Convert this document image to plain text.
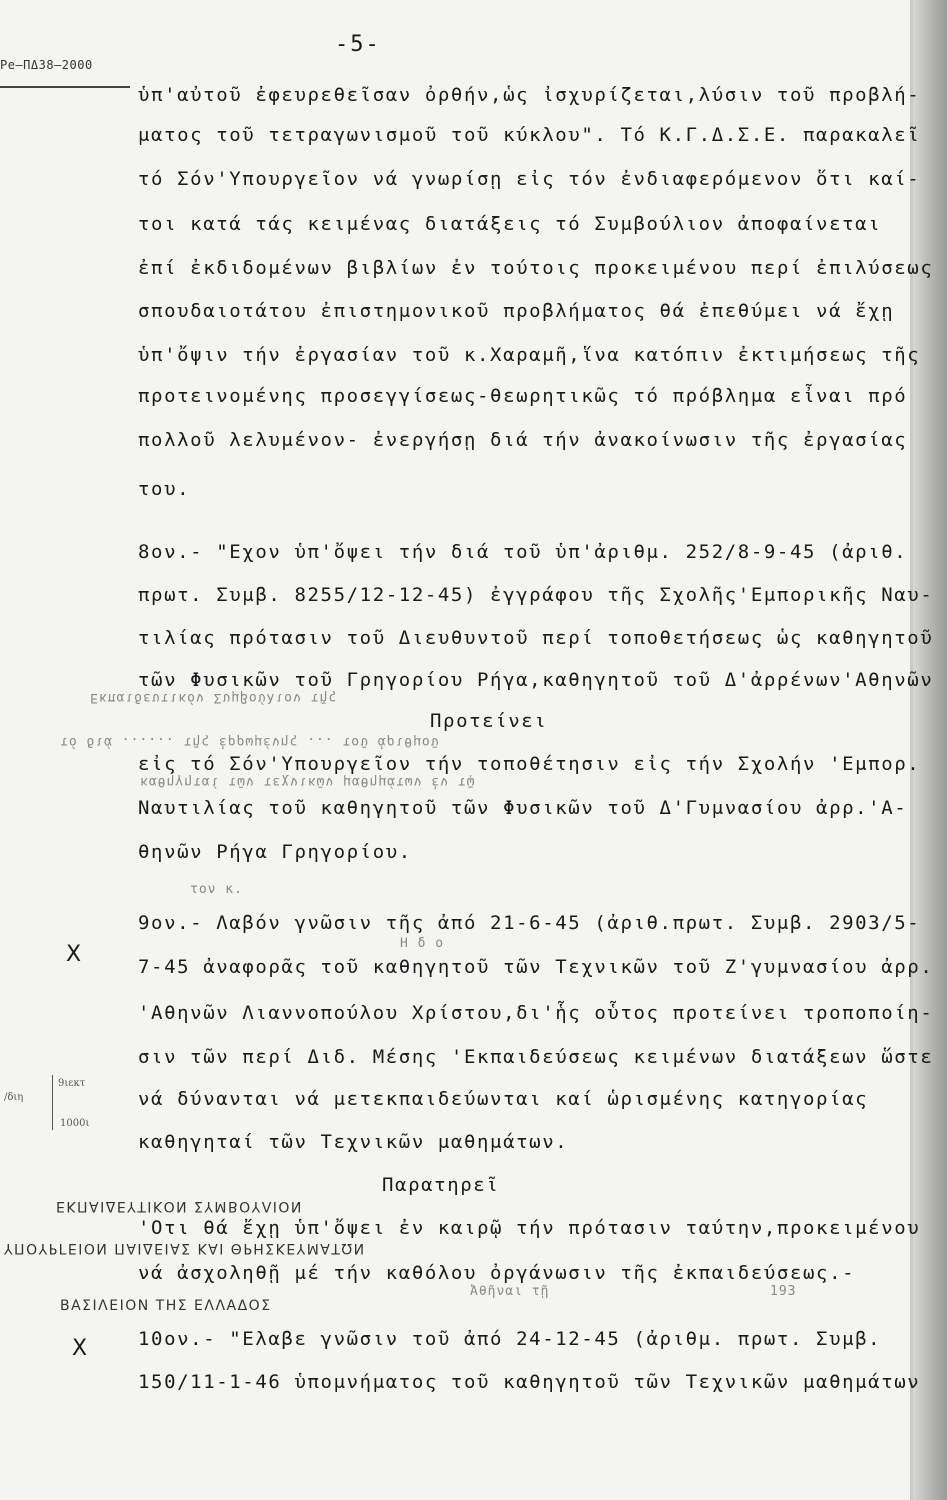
Ρe—ΠΔ38—2000
-5-

ὑπ'αὐτοῦ ἐφευρεθεῖσαν ὀρθήν,ὡς ἰσχυρίζεται,λύσιν τοῦ προβλή-

ματος τοῦ τετραγωνισμοῦ τοῦ κύκλου". Τό Κ.Γ.Δ.Σ.Ε. παρακαλεῖ

τό Σόν'Υπουργεῖον νά γνωρίσῃ εἰς τόν ἐνδιαφερόμενον ὅτι καί-

τοι κατά τάς κειμένας διατάξεις τό Συμβούλιον ἀποφαίνεται

ἐπί ἐκδιδομένων βιβλίων ἐν τούτοις προκειμένου περί ἐπιλύσεως

σπουδαιοτάτου ἐπιστημονικοῦ προβλήματος θά ἐπεθύμει νά ἔχῃ

ὑπ'ὄψιν τήν ἐργασίαν τοῦ κ.Χαραμῆ,ἵνα κατόπιν ἐκτιμήσεως τῆς

προτεινομένης προσεγγίσεως-θεωρητικῶς τό πρόβλημα εἶναι πρό

πολλοῦ λελυμένον- ἐνεργήσῃ διά τήν ἀνακοίνωσιν τῆς ἐργασίας

του.

8ον.- "Εχον ὑπ'ὄψει τήν διά τοῦ ὑπ'ἀριθμ. 252/8-9-45 (ἀριθ.

πρωτ. Συμβ. 8255/12-12-45) ἐγγράφου τῆς Σχολῆς'Εμπορικῆς Ναυ-

τιλίας πρότασιν τοῦ Διευθυντοῦ περί τοποθετήσεως ὡς καθηγητοῦ

τῶν Φυσικῶν τοῦ Γρηγορίου Ρήγα,καθηγητοῦ τοῦ Δ'ἀρρένων'Αθηνῶν

Εκπαιδευτικόν Συμβούλιον τῆς
Προτείνει
τό διά ...... τῆς ἐρρωμένης ... τοῦ ἀριθμοῦ

εἰς τό Σόν'Υπουργεῖον τήν τοποθέτησιν εἰς τήν Σχολήν 'Εμπορ.

καθηγηταί τῶν τεχνικῶν μαθημάτων ἐν τῷ

Ναυτιλίας τοῦ καθηγητοῦ τῶν Φυσικῶν τοῦ Δ'Γυμνασίου ἀρρ.'Α-

θηνῶν Ρήγα Γρηγορίου.

τον κ.

9ον.- Λαβόν γνῶσιν τῆς ἀπό 21-6-45 (ἀριθ.πρωτ. Συμβ. 2903/5-

Η δ ο

7-45 ἀναφορᾶς τοῦ καθηγητοῦ τῶν Τεχνικῶν τοῦ Ζ'γυμνασίου ἀρρ.

'Αθηνῶν Λιαννοπούλου Χρίστου,δι'ἧς οὗτος προτείνει τροποποίη-

σιν τῶν περί Διδ. Μέσης 'Εκπαιδεύσεως κειμένων διατάξεων ὥστε

νά δύνανται νά μετεκπαιδεύωνται καί ὡρισμένης κατηγορίας

καθηγηταί τῶν Τεχνικῶν μαθημάτων.

X
/διη
9ιεκτ
1000ι
Παρατηρεῖ
ΕΚΠΑΙΔΕΥΤΙΚΟΝ ΣΥΜΒΟΥΛΙΟΝ

'Οτι θά ἔχῃ ὑπ'ὄψει ἐν καιρῷ τήν πρότασιν ταύτην,προκειμένου

ΥΠΟΥΡΓΕΙΟΝ ΠΑΙΔΕΙΑΣ ΚΑΙ ΘΡΗΣΚΕΥΜΑΤΩΝ

νά ἀσχοληθῇ μέ τήν καθόλου ὀργάνωσιν τῆς ἐκπαιδεύσεως.-

Ἀθῆναι τῇ	193
ΒΑΣΙΛΕΙΟΝ ΤΗΣ ΕΛΛΑΔΟΣ

10ον.- "Ελαβε γνῶσιν τοῦ ἀπό 24-12-45 (ἀριθμ. πρωτ. Συμβ.

X

150/11-1-46 ὑπομνήματος τοῦ καθηγητοῦ τῶν Τεχνικῶν μαθημάτων
